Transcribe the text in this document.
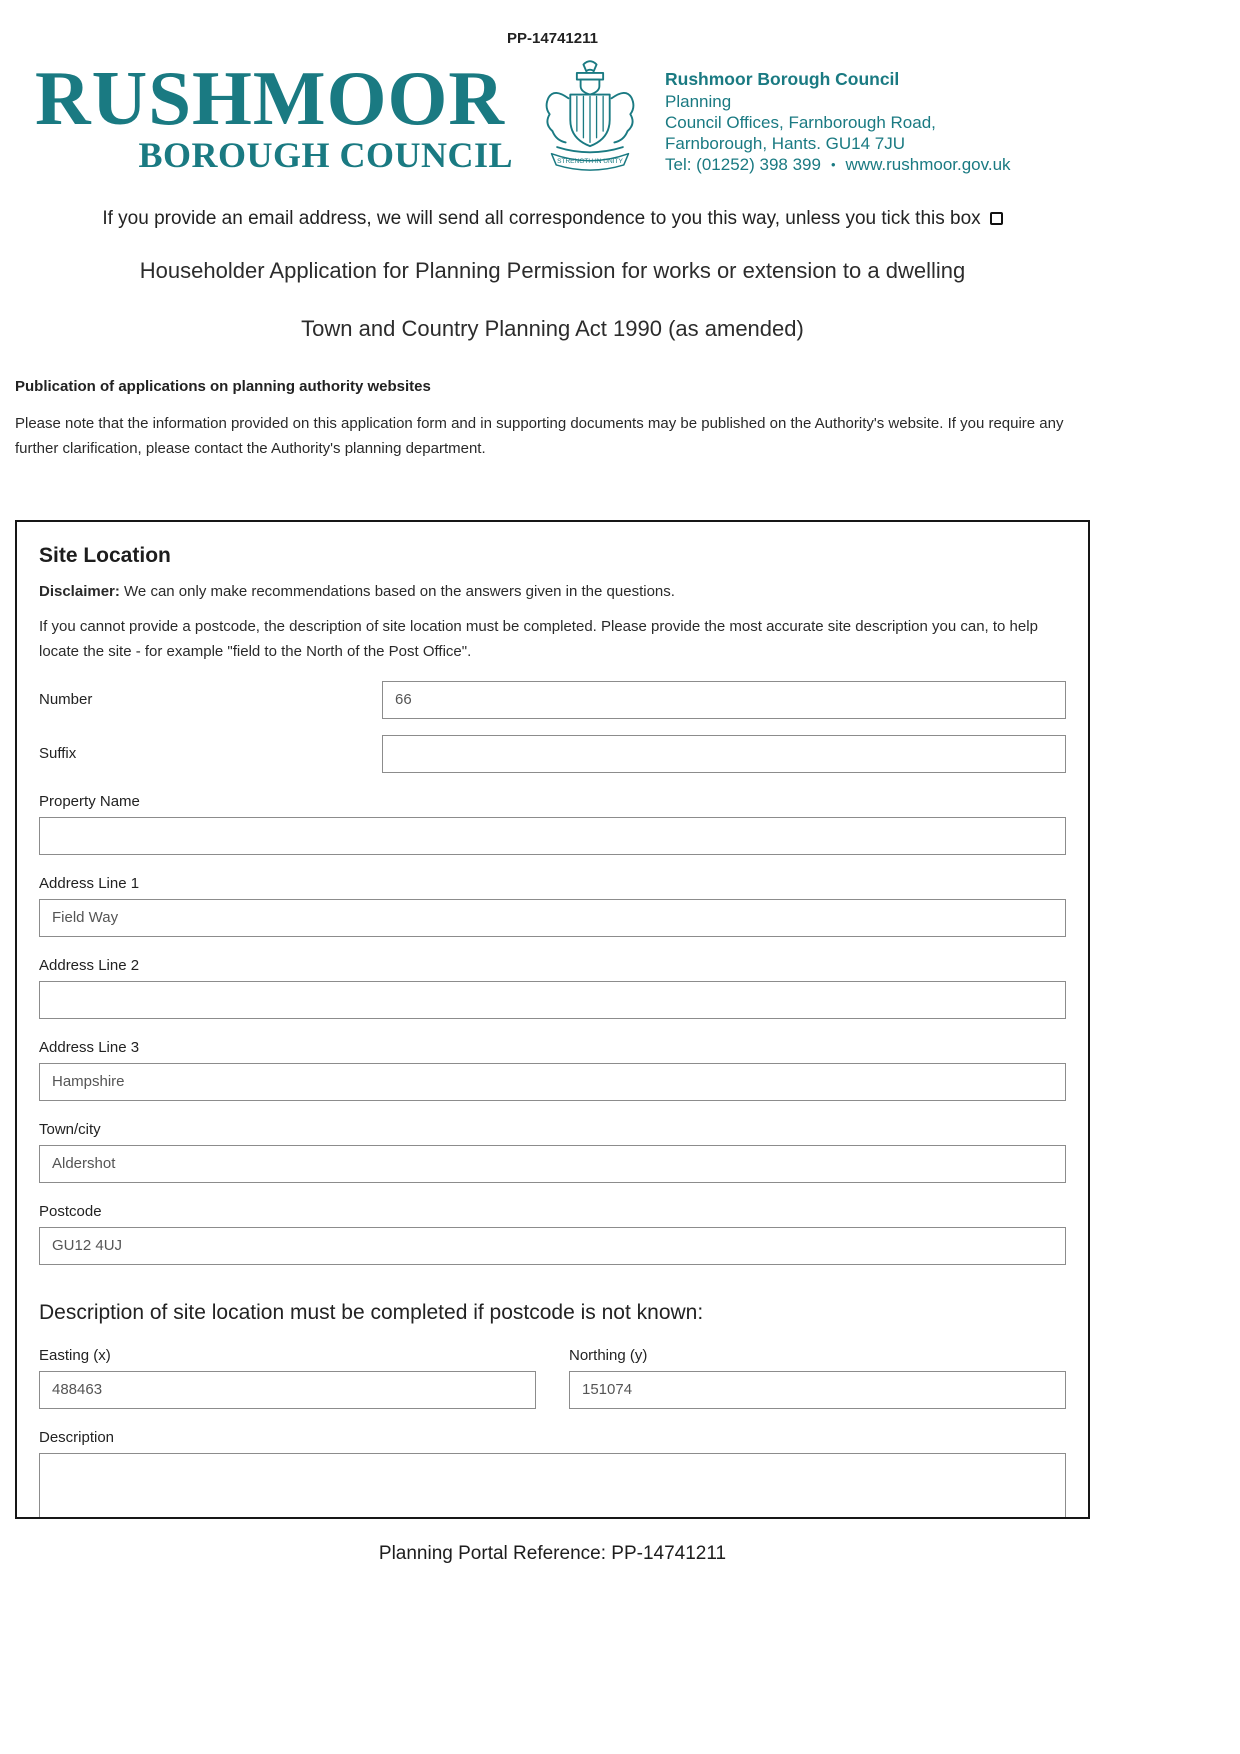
PP-14741211
RUSHMOOR
BOROUGH COUNCIL	STRENGTH IN UNITY
Rushmoor Borough Council
Planning
Council Offices, Farnborough Road,
Farnborough, Hants. GU14 7JU
Tel: (01252) 398 399 • www.rushmoor.gov.uk

If you provide an email address, we will send all correspondence to you this way, unless you tick this box

Householder Application for Planning Permission for works or extension to a dwelling
Town and Country Planning Act 1990 (as amended)
Publication of applications on planning authority websites

Please note that the information provided on this application form and in supporting documents may be published on the Authority's website. If you require any further clarification, please contact the Authority's planning department.

Site Location

Disclaimer: We can only make recommendations based on the answers given in the questions.

If you cannot provide a postcode, the description of site location must be completed. Please provide the most accurate site description you can, to help locate the site - for example "field to the North of the Post Office".

Number
66
Suffix
Property Name
Address Line 1
Field Way
Address Line 2
Address Line 3
Hampshire
Town/city
Aldershot
Postcode
GU12 4UJ
Description of site location must be completed if postcode is not known:
Easting (x)
488463	Northing (y)
151074
Description
Planning Portal Reference: PP-14741211
